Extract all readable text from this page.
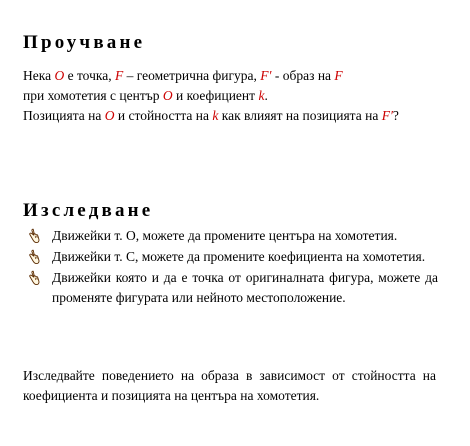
Проучване

Нека O е точка, F – геометрична фигура, F′ - образ на F
при хомотетия с център O и коефициент k.
Позицията на O и стойността на k как влияят на позицията на F′?

Изследване
Движейки т. О, можете да промените центъра на хомотетия.
Движейки т. С, можете да промените коефициента на хомотетия.
Движейки която и да е точка от оригиналната фигура, можете да променяте фигурата или нейното местоположение.

Изследвайте поведението на образа в зависимост от стойността на коефициента и позицията на центъра на хомотетия.
